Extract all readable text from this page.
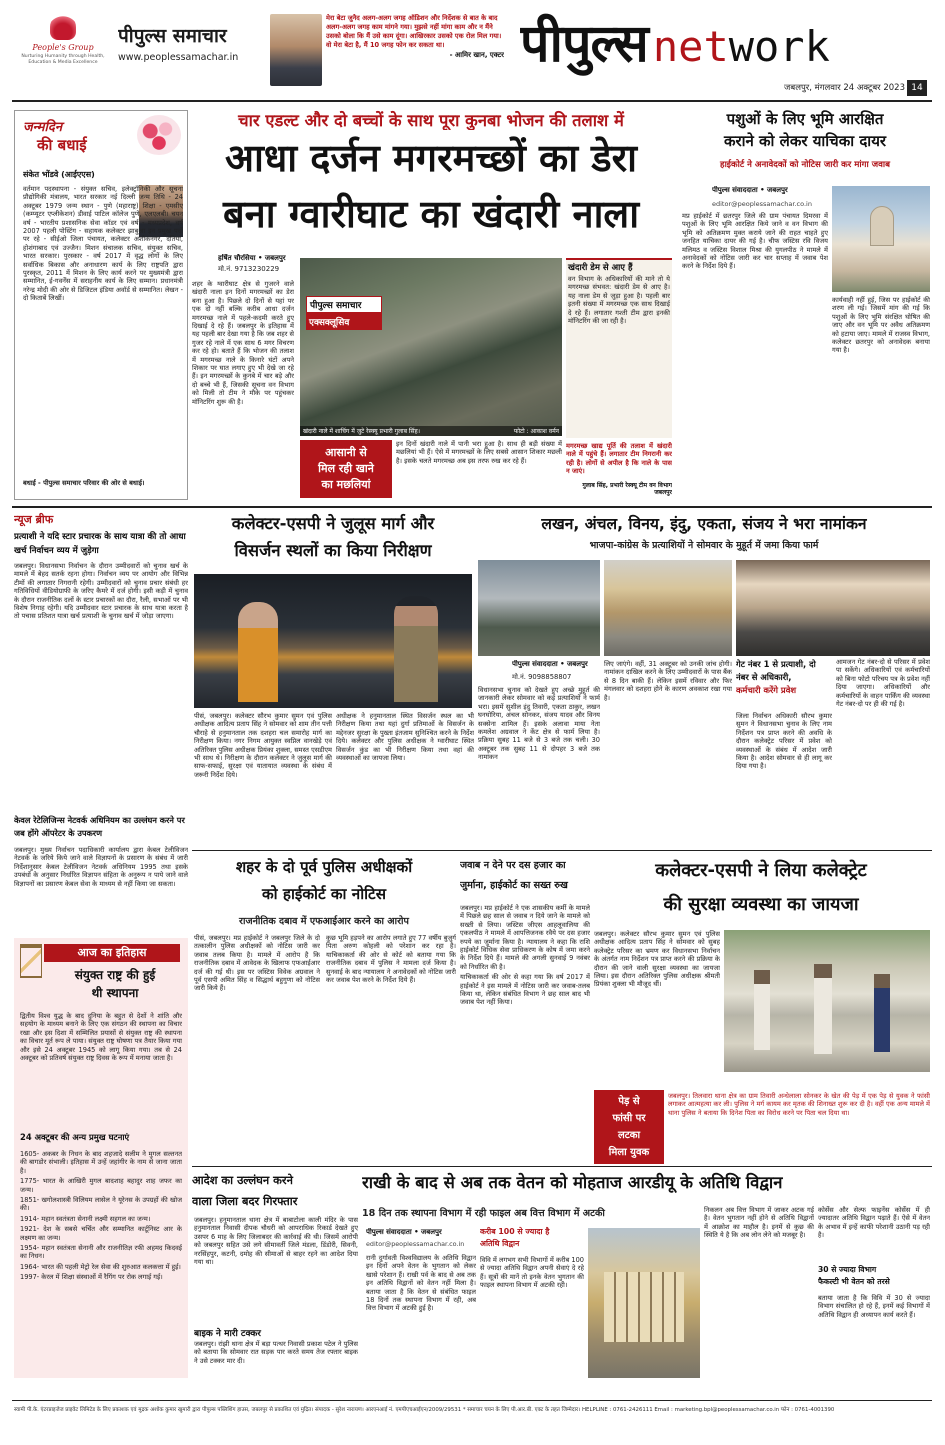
People's Group
Nurturing Humanity through Health, Education & Media Excellence
पीपुल्स समाचार
www.peoplessamachar.in
मेरा बेटा जुनैद अलग-अलग जगह ऑडिशन और निर्देशक से बात के बाद अलग-अलग जगह काम मांगने गया। मुझसे नहीं मांगा काम और न मैंने उसको बोला कि मैं उसे काम दूंगा। आखिरकार उसको एक रोल मिल गया। वो मेरा बेटा है, मैं 10 जगह फोन कर सकता था।
- आमिर खान, एक्टर पीपुल्स network
जबलपुर, मंगलवार 24 अक्टूबर 2023 14
जन्मदिन
की बधाई
संकेत भोंडवे (आईएएस)
वर्तमान पदस्थापना - संयुक्त सचिव, इलेक्ट्रॉनिकी और सूचना प्रौद्योगिकी मंत्रालय, भारत सरकार नई दिल्ली जन्म तिथि - 24 अक्टूबर 1979 जन्म स्थान - पुणे (महाराष्ट्र) शिक्षा - एमसीए (कम्प्यूटर एप्लीकेशन) डीवाई पाटिल कॉलेज पुणे, एलएलबी। चयन वर्ष - भारतीय प्रशासनिक सेवा कॉडर एवं वर्ष - मध्यप्रदेश, वर्ष 2007 पहली पोस्टिंग - सहायक कलेक्टर झाबुआ इन प्रमुख पदों पर रहे - सीईओ जिला पंचायत, कलेक्टर अशोकनगर, दतिया, होशंगाबाद एवं उज्जैन। मिशन संचालक सचिव, संयुक्त सचिव, भारत सरकार। पुरस्कार - वर्ष 2017 में वृद्ध लोगों के लिए सर्वाधिक बिकास और अनाधारण कार्य के लिए राष्ट्रपति द्वारा पुरस्कृत, 2011 में मिशन के लिए कार्य करने पर मुख्यमंत्री द्वारा सम्मानित, ई-गवर्नेंस में सराहनीय कार्य के लिए सम्मान। प्रधानमंत्री नरेन्द्र मोदी की ओर से डिजिटल इंडिया अवॉर्ड से सम्मानित। लेखन - दो किताबें लिखीं।
बधाई - पीपुल्स समाचार परिवार की ओर से बधाई।
चार एडल्ट और दो बच्चों के साथ पूरा कुनबा भोजन की तलाश में
आधा दर्जन मगरमच्छों का डेरा
बना ग्वारीघाट का खंदारी नाला
हर्षित चौरसिया • जबलपुर
मो.नं. 9713230229
शहर के ग्वारीघाट क्षेत्र से गुजरने वाले खंदारी नाला इन दिनों मगरमच्छों का डेरा बना हुआ है। पिछले दो दिनों से यहां पर एक दो नहीं बल्कि करीब आधा दर्जन मगरमच्छ नाले में पहले-कदमी करते हुए दिखाई दे रहे हैं। जबलपुर के इतिहास में यह पहली बार देखा गया है कि जब शहर से गुजर रहे नाले में एक साथ 6 मगर विचरण कर रहे हो। बताते हैं कि भोजन की तलाश में मगरमच्छ नाले के किनारे घंटों अपने शिकार पर घात लगाए हुए भी देखे जा रहे हैं। इन मगरमच्छों के कुनबे में चार बड़े और दो बच्चे भी हैं, जिसकी सूचना वन विभाग को मिली तो टीम ने मौके पर पहुंचकर मॉनिटरिंग शुरू की है।
पीपुल्स समाचार
एक्सक्लूसिव
खंदारी नाले में शाचिंग में जुटे रेस्क्यू प्रभारी गुलाब सिंह।	फोटो : आकाश वर्मन
खंदारी डेम से आए हैं
वन विभाग के अधिकारियों की माने तो ये मगरमच्छ संभवत: खंदारी डेम से आए है। यह नाला डेम से जुड़ा हुआ है। पहली बार इतनी संख्या में मगरमच्छ एक साथ दिखाई दे रहे हैं। लगातार गश्ती टीम द्वारा इनकी मॉनिटरिंग की जा रही है।
आसानी से
मिल रही खाने
का मछलियां
इन दिनों खंदारी नाले में पानी भरा हुआ है। साथ ही बड़ी संख्या में मछलियां भी हैं। ऐसे में मगरमच्छों के लिए सबसे आसान शिकार मछली है। इसके चलते मगरमच्छ अब इस तरफ रुख कर रहे हैं।
मगरमच्छ खाद्य पूर्ति की तलाश में खंदारी नाले में पहुंचे हैं। लगातार टीम निगरानी कर रही है। लोगों से अपील है कि नाले के पास न जाएं।
गुलाब सिंह, प्रभारी रेस्क्यू टीम वन विभाग जबलपुर
पशुओं के लिए भूमि आरक्षित
कराने को लेकर याचिका दायर
हाईकोर्ट ने अनावेदकों को नोटिस जारी कर मांगा जवाब
पीपुल्स संवाददाता • जबलपुर
editor@peoplessamachar.co.in
मप्र हाईकोर्ट में छतरपुर जिले की ग्राम पंचायत दिमरवा में पशुओं के लिए भूमि आरक्षित किये जाने व वन विभाग की भूमि को अतिक्रमण मुक्त कराये जाने की राहत चाहते हुए जनहित याचिका दायर की गई है। चीफ जस्टिस रवि विजय मलिमठ व जस्टिस विशाल मिश्रा की युगलपीठ ने मामले में अनावेदकों को नोटिस जारी कर चार सप्ताह में जवाब पेश करने के निर्देश दिये हैं।
कार्यवाही नहीं हुई, जिस पर हाईकोर्ट की शरण ली गई। जिसमें मांग की गई कि पशुओं के लिए भूमि संरक्षित घोषित की जाए और वन भूमि पर अवैध अतिक्रमण को हटाया जाए। मामले में राजस्व विभाग, कलेक्टर छतरपुर को अनावेदक बनाया गया है।
न्यूज ब्रीफ
प्रत्याशी ने यदि स्टार प्रचारक के साथ यात्रा की तो आधा खर्च निर्वाचन व्यय में जुड़ेगा
जबलपुर। विधानसभा निर्वाचन के दौरान उम्मीदवारों को चुनाव खर्च के मामले में बेहद सतर्क रहना होगा। निर्वाचन व्यय पर आयोग और विभिन्न टीमों की लगातार निगरानी रहेगी। उम्मीदवारों को चुनाव प्रचार संबंधी हर गतिविधियों वीडियोग्राफी के जरिए कैमरे में दर्ज होगी। इसी कड़ी में चुनाव के दौरान राजनीतिक दलों के स्टार प्रचारकों का दौरा, रैली, सभाओं पर भी विशेष निगाह रहेगी। यदि उम्मीदवार स्टार प्रचारक के साथ यात्रा करता है तो पचास प्रतिशत यात्रा खर्च प्रत्याशी के चुनाव खर्च में जोड़ा जाएगा।
केवल रेटेलिजिन्स नेटवर्क अधिनियम का उल्लंघन करने पर जब होंगे ऑपरेटर के उपकरण
जबलपुर। मुख्य निर्वाचन पदाधिकारी कार्यालय द्वारा केबल टेलीविजन नेटवर्क के जरिये किये जाने वाले विज्ञापनों के प्रसारण के संबंध में जारी निर्देशानुसार केबल टेलीविजन नेटवर्क अधिनियम 1995 तथा इसके उपबंधों के अनुसार निर्धारित विज्ञापन संहिता के अनुरूप न पाये जाने वाले विज्ञापनों का प्रसारण केबल सेवा के माध्यम से नहीं किया जा सकता।
आज का इतिहास
संयुक्त राष्ट्र की हुई
थी स्थापना
द्वितीय विश्व युद्ध के बाद दुनिया के बहुत से देशों ने शांति और सहयोग के माध्यम बनाने के लिए एक संगठन की स्थापना का विचार रखा और इस दिशा में सम्मिलित प्रयासों से संयुक्त राष्ट्र की स्थापना का विचार मूर्त रूप ले पाया। संयुक्त राष्ट्र घोषणा पत्र तैयार किया गया और इसे 24 अक्टूबर 1945 को लागू किया गया। तब से 24 अक्टूबर को प्रतिवर्ष संयुक्त राष्ट्र दिवस के रूप में मनाया जाता है।
24 अक्टूबर की अन्य प्रमुख घटनाएं
1605- अकबर के निधन के बाद शहजादे सलीम ने मुगल सल्तनत की बागडोर संभाली। इतिहास में उन्हें जहांगीर के नाम से जाना जाता है।
1775- भारत के आखिरी मुगल बादशाह बहादुर शाह जफर का जन्म।
1851- खगोलशास्त्री विलियम लासेल ने यूरेनस के उपग्रहों की खोज की।
1914- महान स्वतंत्रता सेनानी लक्ष्मी सहगल का जन्म।
1921- देश के सबसे चर्चित और सम्मानित कार्टूनिस्ट आर के लक्ष्मण का जन्म।
1954- महान स्वतंत्रता सेनानी और राजनीतिज्ञ रफी अहमद किदवई का निधन।
1964- भारत की पहली मेट्रो रेल सेवा की शुरुआत कलकत्ता में हुई।
1997- केरल में शिक्षा संस्थाओं में रैगिंग पर रोक लगाई गई।
कलेक्टर-एसपी ने जुलूस मार्ग और
विसर्जन स्थलों का किया निरीक्षण
पीसं, जबलपुर। कलेक्टर सौरभ कुमार सुमन एवं पुलिस अधीक्षक आदित्य प्रताप सिंह ने सोमवार को शाम तीन पत्ती चौराहे से हनुमानताल तक दशहरा चल समारोह मार्ग का निरीक्षण किया। नगर निगम आयुक्त स्वप्निल वानखेड़े एवं अतिरिक्त पुलिस अधीक्षक प्रियंका शुक्ला, समस्त एसडीएम भी साथ थे। निरीक्षण के दौरान कलेक्टर ने जुलूस मार्ग की साफ-सफाई, सुरक्षा एवं यातायात व्यवस्था के संबंध में जरूरी निर्देश दिये।
अधीक्षक ने हनुमानताल स्थित विसर्जन स्थल का भी निरीक्षण किया तथा यहां दुर्गा प्रतिमाओं के विसर्जन के मद्देनजर सुरक्षा के पुख्ता इंतजाम सुनिश्चित करने के निर्देश दिये। कलेक्टर और पुलिस अधीक्षक ने ग्वारीघाट स्थित विसर्जन कुंड का भी निरीक्षण किया तथा वहां की व्यवस्थाओं का जायजा लिया।
लखन, अंचल, विनय, इंदु, एकता, संजय ने भरा नामांकन
भाजपा-कांग्रेस के प्रत्याशियों ने सोमवार के मुहूर्त में जमा किया फार्म
पीपुल्स संवाददाता • जबलपुर
मो.नं. 9098858807
विधानसभा चुनाव को देखते हुए अच्छे मुहूर्त की जानकारी लेकर सोमवार को कई प्रत्याशियों ने फार्म भरा। इसमें सुशील इंदु तिवारी, एकता ठाकुर, लखन घनघोरिया, अंचल सोनकर, संजय यादव और विनय सक्सेना शामिल हैं। इसके अलावा माया नेता कमलेश अग्रवाल ने केंट क्षेत्र से फार्म लिया है। प्रक्रिया सुबह 11 बजे से 3 बजे तक चली। 30 अक्टूबर तक सुबह 11 से दोपहर 3 बजे तक नामांकन
लिए जाएंगे। वहीं, 31 अक्टूबर को उनकी जांच होगी। नामांकन दाखिल करने के लिए उम्मीदवारों के पास बैंक से 8 दिन बाकी हैं। लेकिन इसमें रविवार और फिर मंगलवार को दशहरा होने के कारण अवकाश रखा गया है।
गेट नंबर 1 से प्रत्याशी, दो
नंबर से अधिकारी,
कर्मचारी करेंगे प्रवेश
जिला निर्वाचन अधिकारी सौरभ कुमार सुमन ने विधानसभा चुनाव के लिए नाम निर्देशन पत्र प्राप्त करने की अवधि के दौरान कलेक्ट्रेट परिसर में प्रवेश को व्यवस्थाओं के संबंध में आदेश जारी किया है। आदेश सोमवार से ही लागू कर दिया गया है।
आमजन गेट नंबर-दो से परिसर में प्रवेश पा सकेंगे। अधिकारियों एवं कर्मचारियों को बिना फोटो परिचय पत्र के प्रवेश नहीं दिया जाएगा। अधिकारियों और कर्मचारियों के वाहन पार्किंग की व्यवस्था गेट नंबर-दो पर ही की गई है।
शहर के दो पूर्व पुलिस अधीक्षकों
को हाईकोर्ट का नोटिस
राजनीतिक दबाव में एफआईआर करने का आरोप
पीसं, जबलपुर। मप्र हाईकोर्ट ने जबलपुर जिले के दो तत्कालीन पुलिस अधीक्षकों को नोटिस जारी कर जवाब तलब किया है। मामले में आरोप है कि राजनीतिक दबाव में आवेदक के खिलाफ एफआईआर दर्ज की गई थी। इस पर जस्टिस विवेक अग्रवाल ने पूर्व एसपी अमित सिंह व सिद्धार्थ बहुगुणा को नोटिस जारी किये हैं।
कुछ भूमि हड़पने का आरोप लगाते हुए 77 वर्षीय बुजुर्ग पिता अरुण कोहली को परेशान कर रहा है। याचिकाकर्ता की ओर से कोर्ट को बताया गया कि राजनीतिक दबाव में पुलिस ने मामला दर्ज किया है। सुनवाई के बाद न्यायालय ने अनावेदकों को नोटिस जारी कर जवाब पेश करने के निर्देश दिये हैं।
जवाब न देने पर दस हजार का
जुर्माना, हाईकोर्ट का सख्त रुख
जबलपुर। मप्र हाईकोर्ट ने एक शासकीय कर्मी के मामले में पिछले छह साल से जवाब न दिये जाने के मामले को सख्ती से लिया। जस्टिस जीएस आहलूवालिया की एकलपीठ ने मामले में आपत्तिजनक रवैये पर दस हजार रुपये का जुर्माना किया है। न्यायालय ने कहा कि राशि हाईकोर्ट विधिक सेवा प्राधिकरण के कोष में जमा करने के निर्देश दिये हैं। मामले की अगली सुनवाई 9 नवंबर को निर्धारित की है।
याचिकाकर्ता की ओर से कहा गया कि वर्ष 2017 में हाईकोर्ट ने इस मामले में नोटिस जारी कर जवाब-तलब किया था, लेकिन संबंधित विभाग ने छह साल बाद भी जवाब पेश नहीं किया।
कलेक्टर-एसपी ने लिया कलेक्ट्रेट
की सुरक्षा व्यवस्था का जायजा
जबलपुर। कलेक्टर सौरभ कुमार सुमन एवं पुलिस अधीक्षक आदित्य प्रताप सिंह ने सोमवार को सुबह कलेक्ट्रेट परिसर का भ्रमण कर विधानसभा निर्वाचन के अंतर्गत नाम निर्देशन पत्र प्राप्त करने की प्रक्रिया के दौरान की जाने वाली सुरक्षा व्यवस्था का जायजा लिया। इस दौरान अतिरिक्त पुलिस अधीक्षक श्रीमती प्रियंका शुक्ला भी मौजूद थीं।
पेड़ से
फांसी पर
लटका
मिला युवक
जबलपुर। तिलवारा थाना क्षेत्र का ग्राम तिवारी अन्धेलाला सोनकर के खेत की पेड़ में एक पेड़ से युवक ने फांसी लगाकर आत्महत्या कर ली। पुलिस ने मर्ग कायम कर मृतक की शिनाख्त शुरू कर दी है। वहीं एक अन्य मामले में थाना पुलिस ने बताया कि दिनेश पिता का विरोध करने पर पिता चल दिया था।
आदेश का उल्लंघन करने
वाला जिला बदर गिरफ्तार
जबलपुर। हनुमानताल थाना क्षेत्र में बाबाटोला काली मंदिर के पास हनुमानताल निवासी दीपक चौधरी को आपराधिक रिकार्ड देखते हुए उसपर 6 माह के लिए जिलाबदर की कार्रवाई की थी। जिसमें आरोपी को जबलपुर सहित उसे लगे सीमावर्ती जिले मंडला, डिंडोरी, सिवनी, नरसिंहपुर, कटनी, दमोह की सीमाओं से बाहर रहने का आदेश दिया गया था।
बाइक ने मारी टक्कर
जबलपुर। रांझी थाना क्षेत्र में बड़ा पत्थर निवासी प्रकाश पटेल ने पुलिस को बताया कि सोमवार रात सड़क पार करते समय तेज रफ्तार बाइक ने उसे टक्कर मार दी।
राखी के बाद से अब तक वेतन को मोहताज आरडीयू के अतिथि विद्वान
18 दिन तक स्थापना विभाग में रही फाइल अब वित्त विभाग में अटकी
पीपुल्स संवाददाता • जबलपुर
editor@peoplessamachar.co.in
रानी दुर्गावती विश्वविद्यालय के अतिथि विद्वान इन दिनों अपने वेतन के भुगतान को लेकर खासे परेशान हैं। राखी पर्व के बाद से अब तक इन अतिथि विद्वानों को वेतन नहीं मिला है। बताया जाता है कि वेतन से संबंधित फाइल 18 दिनों तक स्थापना विभाग में रही, अब वित्त विभाग में अटकी हुई है।
करीब 100 से ज्यादा है
अतिथि विद्वान
विवि में लगभग सभी विभागों में करीब 100 से ज्यादा अतिथि विद्वान अपनी सेवाएं दे रहे हैं। सूत्रों की मानें तो इनके वेतन भुगतान की फाइल स्थापना विभाग में अटकी रही।
निकलन अब वित्त विभाग में जाकर अटक गई है। वेतन भुगतान नहीं होने से अतिथि विद्वानों में आक्रोश का माहौल है। इनमें से कुछ की स्थिति ये है कि अब लोन लेने को मजबूर है।
कोर्सेस और सेल्फ फाइनेंस कोर्सेस में ही ज्यादातर अतिथि विद्वान पढ़ाते हैं। ऐसे में वेतन के अभाव में इन्हें काफी परेशानी उठानी पड़ रही है।
30 से ज्यादा विभाग
फैकल्टी भी वेतन को तरसे
बताया जाता है कि विवि में 30 से ज्यादा विभाग संचालित हो रहे हैं, इनमें कई विभागों में अतिथि विद्वान ही अध्यापन कार्य करते हैं।
स्वामी पी.के. एंटरप्राइजेज प्राइवेट लिमिटेड के लिए प्रकाशक एवं मुद्रक अशोक कुमार खुमारी द्वारा पीपुल्स पब्लिशिंग हाउस, जबलपुर से प्रकाशित एवं मुद्रित। संपादक - सुरेश नारायण। आरएनआई नं. एमपीएचआईएन/2009/29531 * समाचार चयन के लिए पी.आर.बी. एक्ट के तहत जिम्मेदार। HELPLINE : 0761-2426111 Email : marketing.bpl@peoplessamachar.co.in फोन : 0761-4001390
